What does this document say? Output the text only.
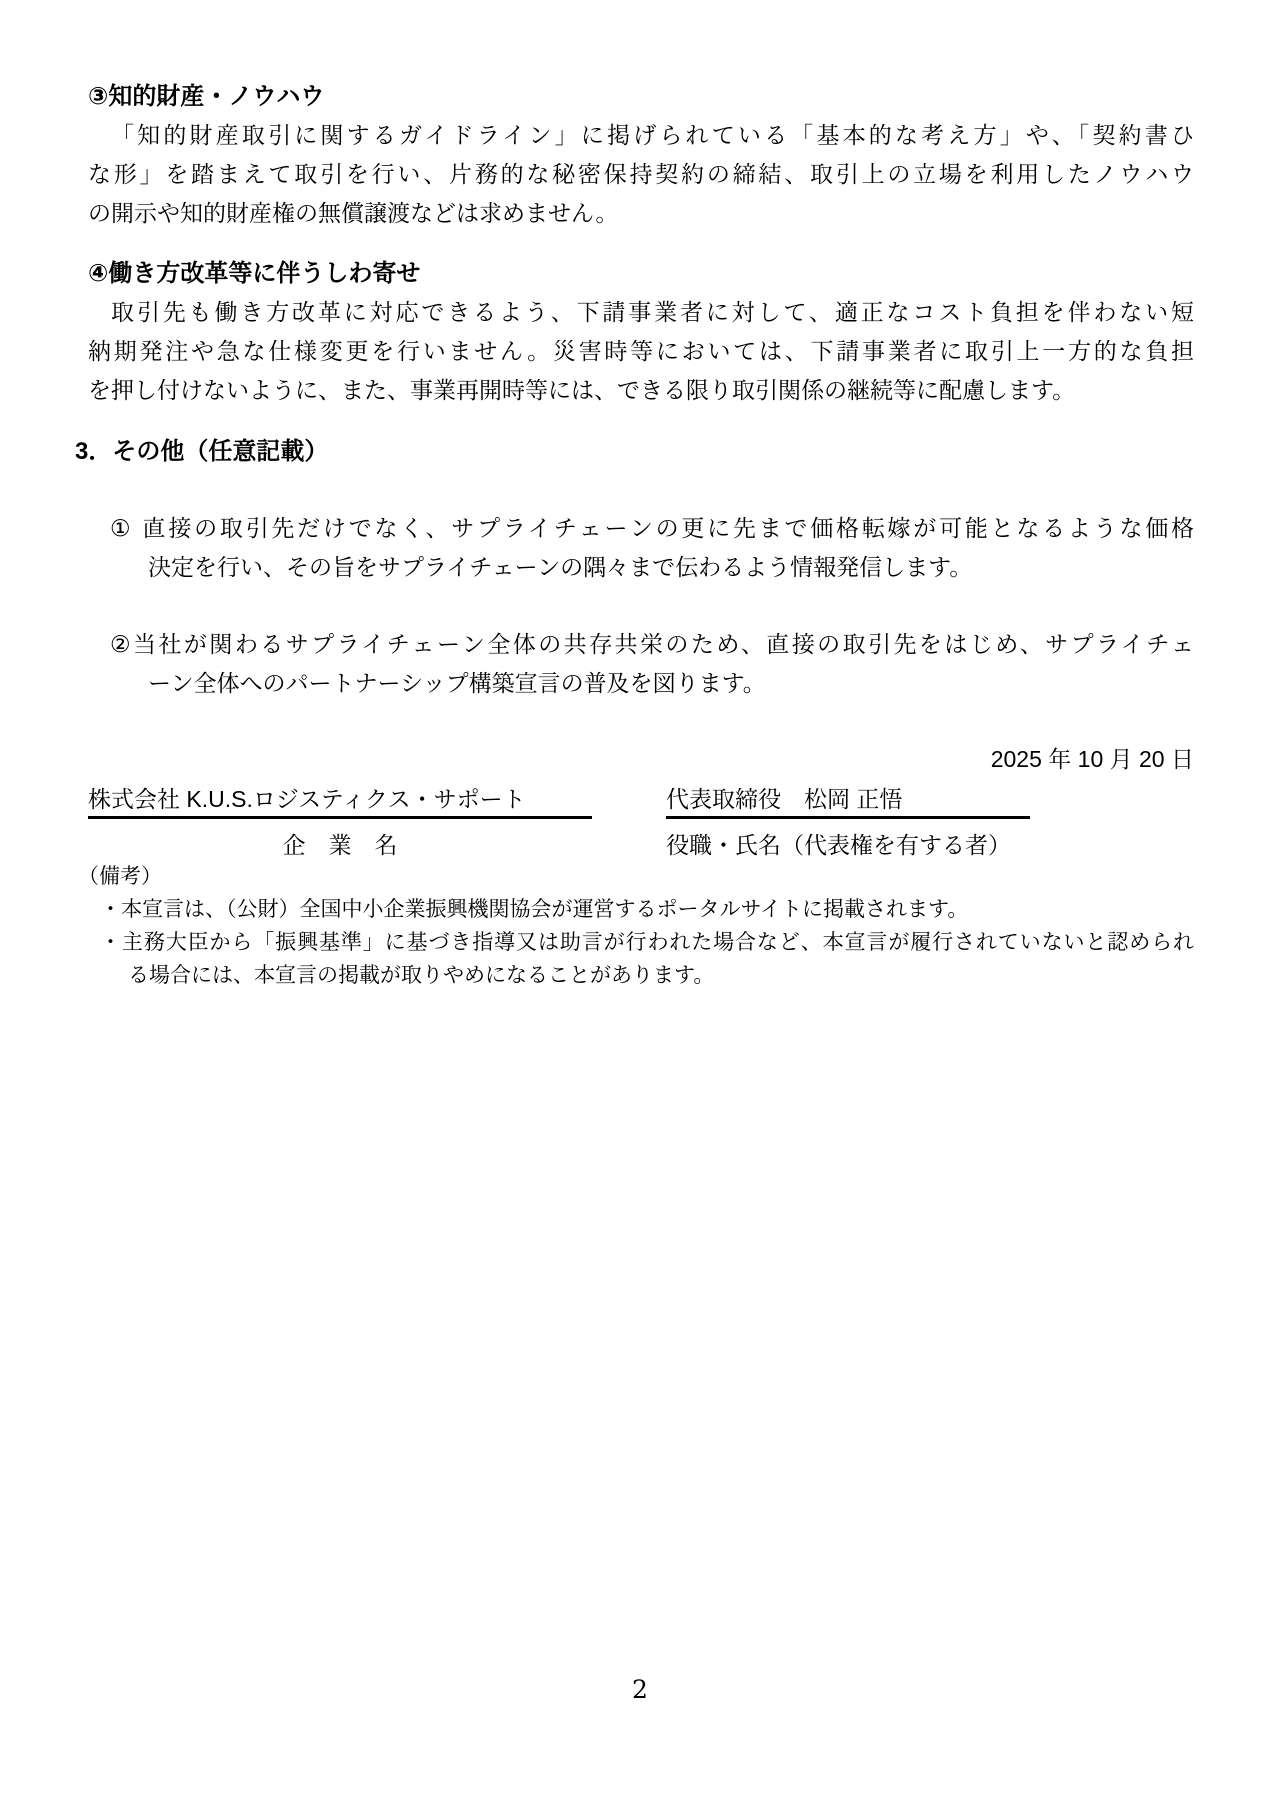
③知的財産・ノウハウ
「知的財産取引に関するガイドライン」に掲げられている「基本的な考え方」や、「契約書ひ
な形」を踏まえて取引を行い、片務的な秘密保持契約の締結、取引上の立場を利用したノウハウ
の開示や知的財産権の無償譲渡などは求めません。
④働き方改革等に伴うしわ寄せ
取引先も働き方改革に対応できるよう、下請事業者に対して、適正なコスト負担を伴わない短
納期発注や急な仕様変更を行いません。災害時等においては、下請事業者に取引上一方的な負担
を押し付けないように、また、事業再開時等には、できる限り取引関係の継続等に配慮します。
3．その他（任意記載）
① 直接の取引先だけでなく、サプライチェーンの更に先まで価格転嫁が可能となるような価格
決定を行い、その旨をサプライチェーンの隅々まで伝わるよう情報発信します。
②当社が関わるサプライチェーン全体の共存共栄のため、直接の取引先をはじめ、サプライチェ
ーン全体へのパートナーシップ構築宣言の普及を図ります。
2025 年 10 月 20 日
株式会社 K.U.S.ロジスティクス・サポート	代表取締役　松岡 正悟
企　業　名	役職・氏名（代表権を有する者）
（備考）
・本宣言は、（公財）全国中小企業振興機関協会が運営するポータルサイトに掲載されます。
・主務大臣から「振興基準」に基づき指導又は助言が行われた場合など、本宣言が履行されていないと認められ
る場合には、本宣言の掲載が取りやめになることがあります。
2
